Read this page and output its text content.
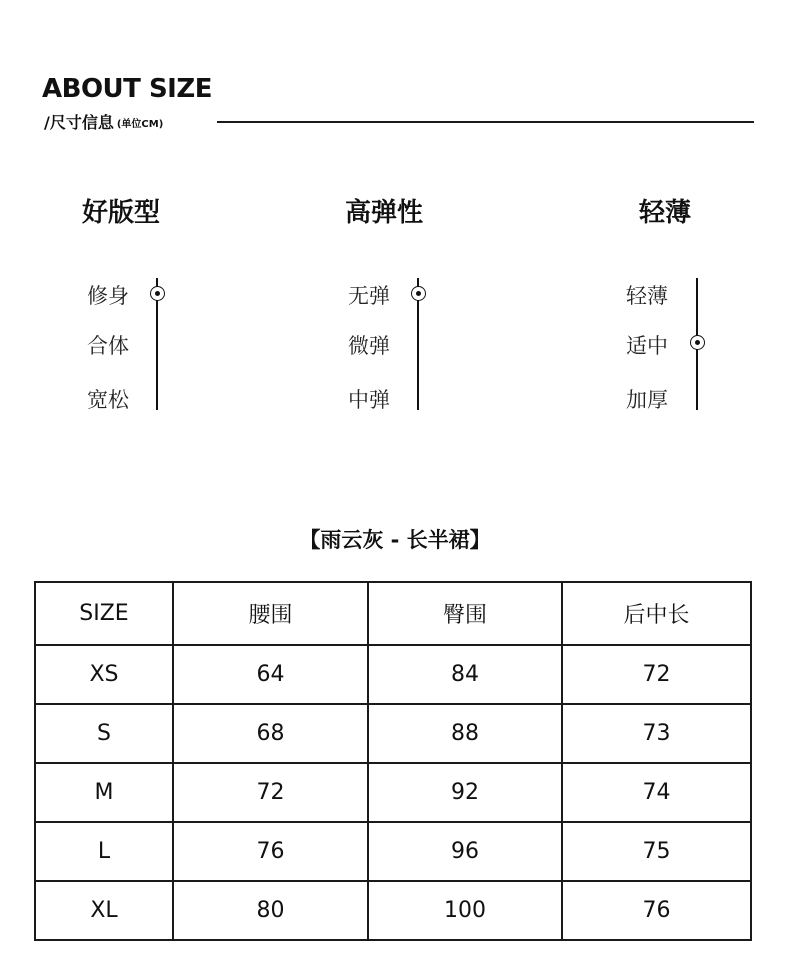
ABOUT SIZE
/尺寸信息 (单位CM)
好版型
修身
合体
宽松
高弹性
无弹
微弹
中弹
轻薄
轻薄
适中
加厚
【雨云灰 - 长半裙】
SIZE	腰围	臀围	后中长
XS	64	84	72
S	68	88	73
M	72	92	74
L	76	96	75
XL	80	100	76
